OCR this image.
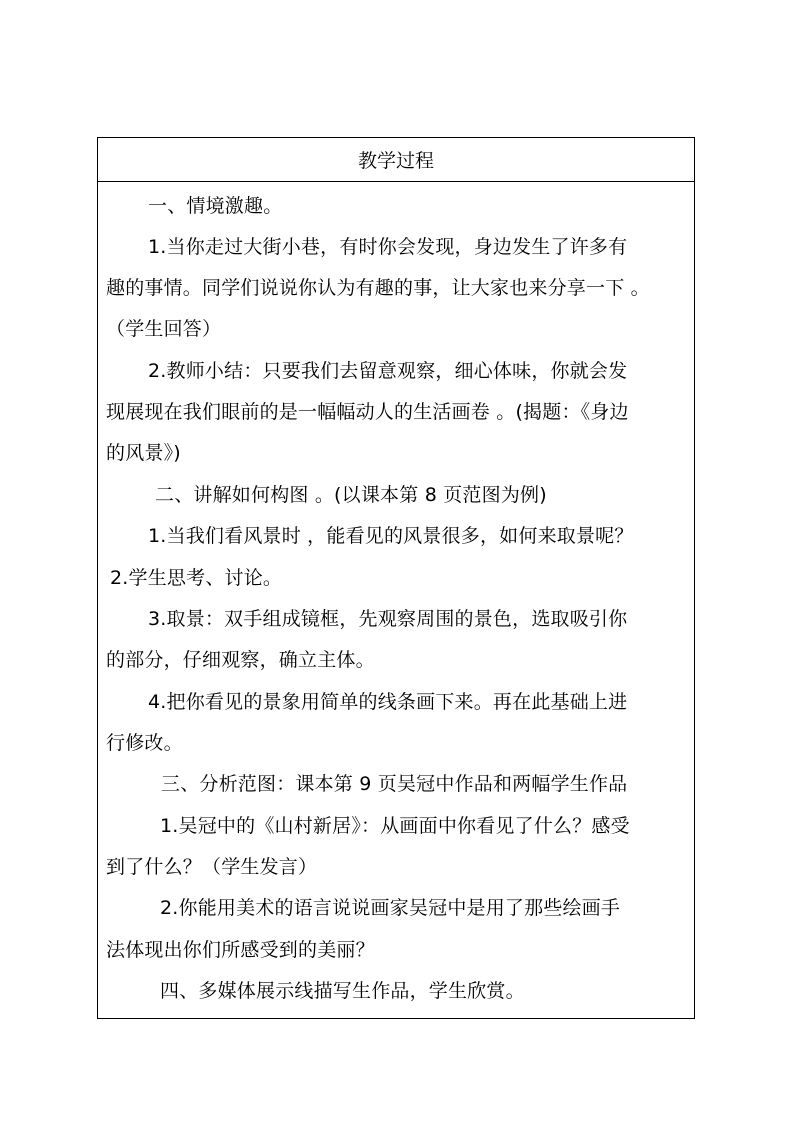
教学过程
一、情境激趣。
1.当你走过大街小巷，有时你会发现，身边发生了许多有
趣的事情。同学们说说你认为有趣的事，让大家也来分享一下 。
（学生回答）
2.教师小结：只要我们去留意观察，细心体味，你就会发
现展现在我们眼前的是一幅幅动人的生活画卷 。(揭题：《身边
的风景》)
二、讲解如何构图 。(以课本第 8 页范图为例)
1.当我们看风景时 ，能看见的风景很多，如何来取景呢？
2.学生思考、讨论。
3.取景：双手组成镜框，先观察周围的景色，选取吸引你
的部分，仔细观察，确立主体。
4.把你看见的景象用简单的线条画下来。再在此基础上进
行修改。
三、分析范图：课本第 9 页吴冠中作品和两幅学生作品
1.吴冠中的《山村新居》：从画面中你看见了什么？感受
到了什么？（学生发言）
2.你能用美术的语言说说画家吴冠中是用了那些绘画手
法体现出你们所感受到的美丽？
四、多媒体展示线描写生作品，学生欣赏。
